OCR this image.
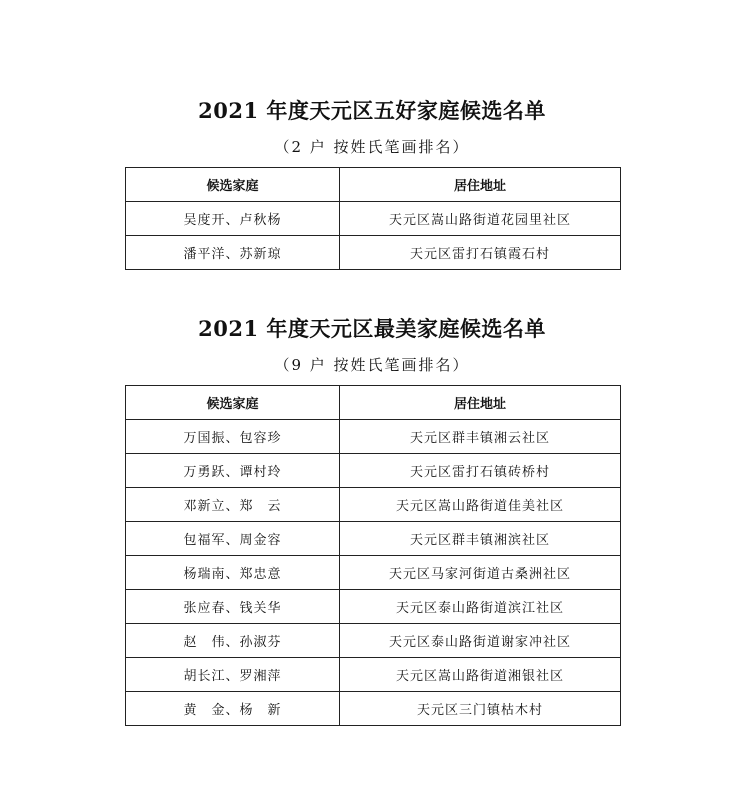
2021 年度天元区五好家庭候选名单

（2 户 按姓氏笔画排名）

候选家庭	居住地址
吴度开、卢秋杨	天元区嵩山路街道花园里社区
潘平洋、苏新琼	天元区雷打石镇霞石村
2021 年度天元区最美家庭候选名单

（9 户 按姓氏笔画排名）

候选家庭	居住地址
万国振、包容珍	天元区群丰镇湘云社区
万勇跃、谭村玲	天元区雷打石镇砖桥村
邓新立、郑　云	天元区嵩山路街道佳美社区
包福军、周金容	天元区群丰镇湘滨社区
杨瑞南、郑忠意	天元区马家河街道古桑洲社区
张应春、钱关华	天元区泰山路街道滨江社区
赵　伟、孙淑芬	天元区泰山路街道谢家冲社区
胡长江、罗湘萍	天元区嵩山路街道湘银社区
黄　金、杨　新	天元区三门镇枯木村
